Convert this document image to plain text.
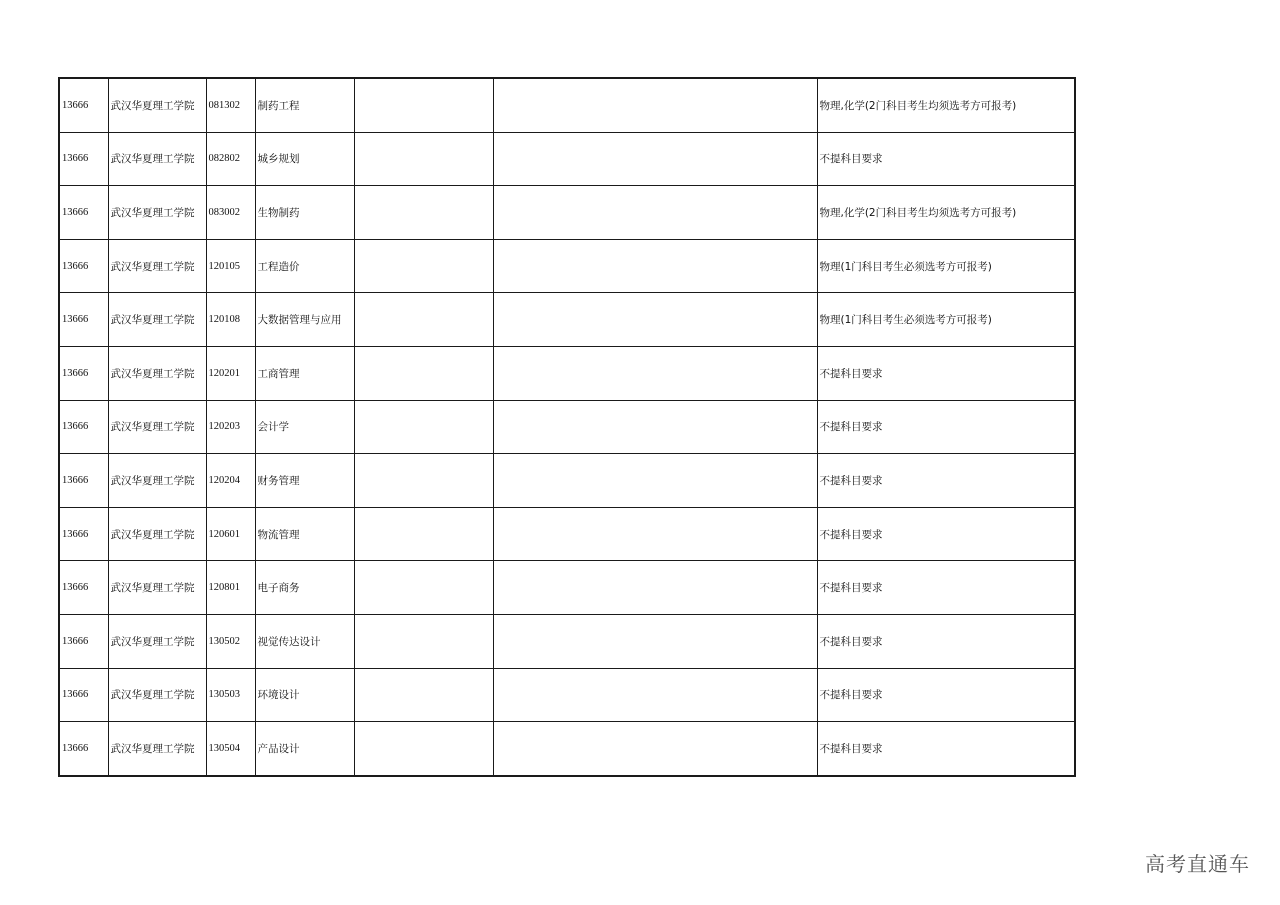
13666	武汉华夏理工学院	081302	制药工程			物理,化学(2门科目考生均须选考方可报考)
13666	武汉华夏理工学院	082802	城乡规划			不提科目要求
13666	武汉华夏理工学院	083002	生物制药			物理,化学(2门科目考生均须选考方可报考)
13666	武汉华夏理工学院	120105	工程造价			物理(1门科目考生必须选考方可报考)
13666	武汉华夏理工学院	120108	大数据管理与应用			物理(1门科目考生必须选考方可报考)
13666	武汉华夏理工学院	120201	工商管理			不提科目要求
13666	武汉华夏理工学院	120203	会计学			不提科目要求
13666	武汉华夏理工学院	120204	财务管理			不提科目要求
13666	武汉华夏理工学院	120601	物流管理			不提科目要求
13666	武汉华夏理工学院	120801	电子商务			不提科目要求
13666	武汉华夏理工学院	130502	视觉传达设计			不提科目要求
13666	武汉华夏理工学院	130503	环境设计			不提科目要求
13666	武汉华夏理工学院	130504	产品设计			不提科目要求
高考直通车
